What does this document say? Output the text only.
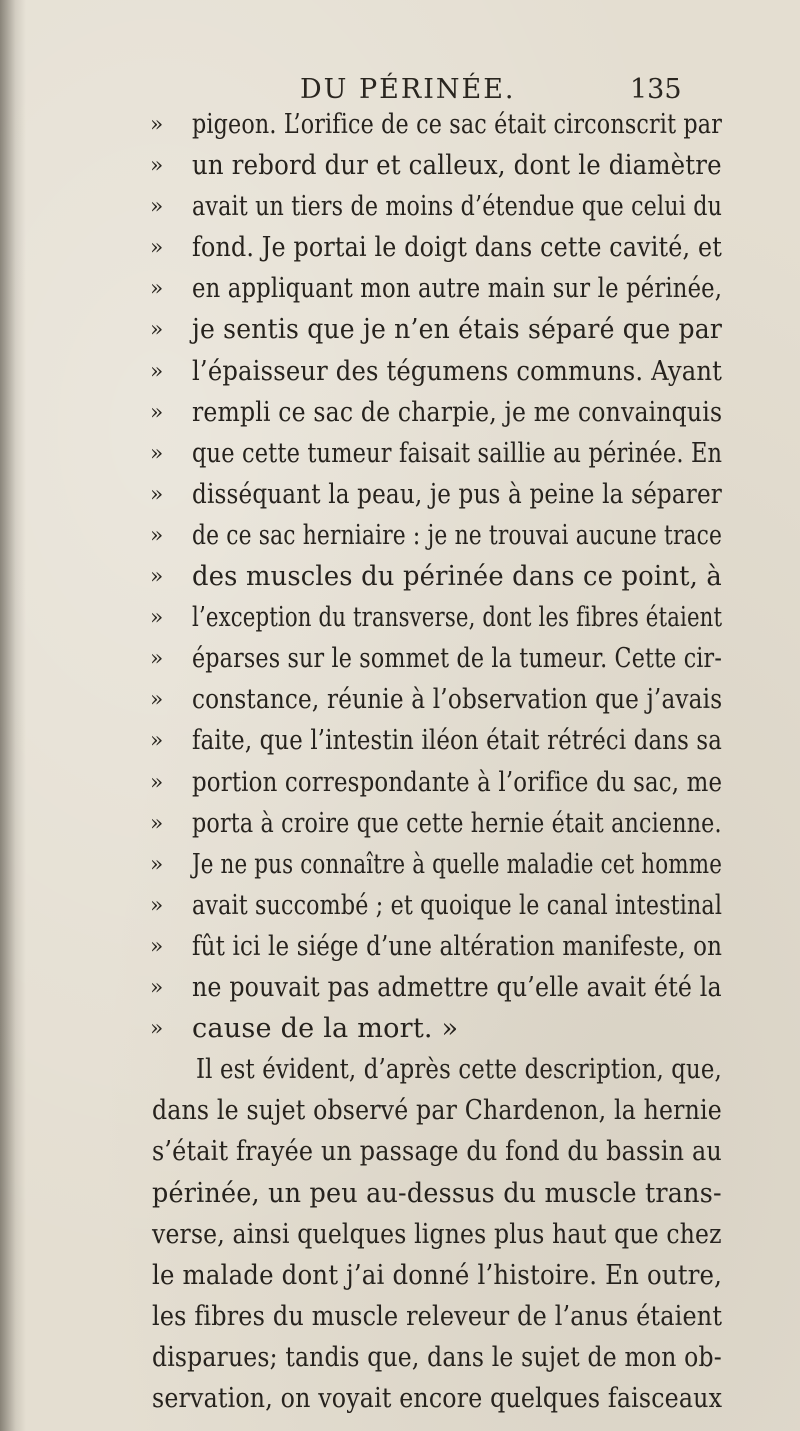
DU PÉRINÉE.	135
»	pigeon. L’orifice de ce sac était circonscrit par
»	un rebord dur et calleux, dont le diamètre
»	avait un tiers de moins d’étendue que celui du
»	fond. Je portai le doigt dans cette cavité, et
»	en appliquant mon autre main sur le périnée,
»	je sentis que je n’en étais séparé que par
»	l’épaisseur des tégumens communs. Ayant
»	rempli ce sac de charpie, je me convainquis
»	que cette tumeur faisait saillie au périnée. En
»	disséquant la peau, je pus à peine la séparer
»	de ce sac herniaire : je ne trouvai aucune trace
»	des muscles du périnée dans ce point, à
»	l’exception du transverse, dont les fibres étaient
»	éparses sur le sommet de la tumeur. Cette cir-
»	constance, réunie à l’observation que j’avais
»	faite, que l’intestin iléon était rétréci dans sa
»	portion correspondante à l’orifice du sac, me
»	porta à croire que cette hernie était ancienne.
»	Je ne pus connaître à quelle maladie cet homme
»	avait succombé ; et quoique le canal intestinal
»	fût ici le siége d’une altération manifeste, on
»	ne pouvait pas admettre qu’elle avait été la
»	cause de la mort. »
Il est évident, d’après cette description, que,
dans le sujet observé par Chardenon, la hernie
s’était frayée un passage du fond du bassin au
périnée, un peu au-dessus du muscle trans-
verse, ainsi quelques lignes plus haut que chez
le malade dont j’ai donné l’histoire. En outre,
les fibres du muscle releveur de l’anus étaient
disparues; tandis que, dans le sujet de mon ob-
servation, on voyait encore quelques faisceaux
